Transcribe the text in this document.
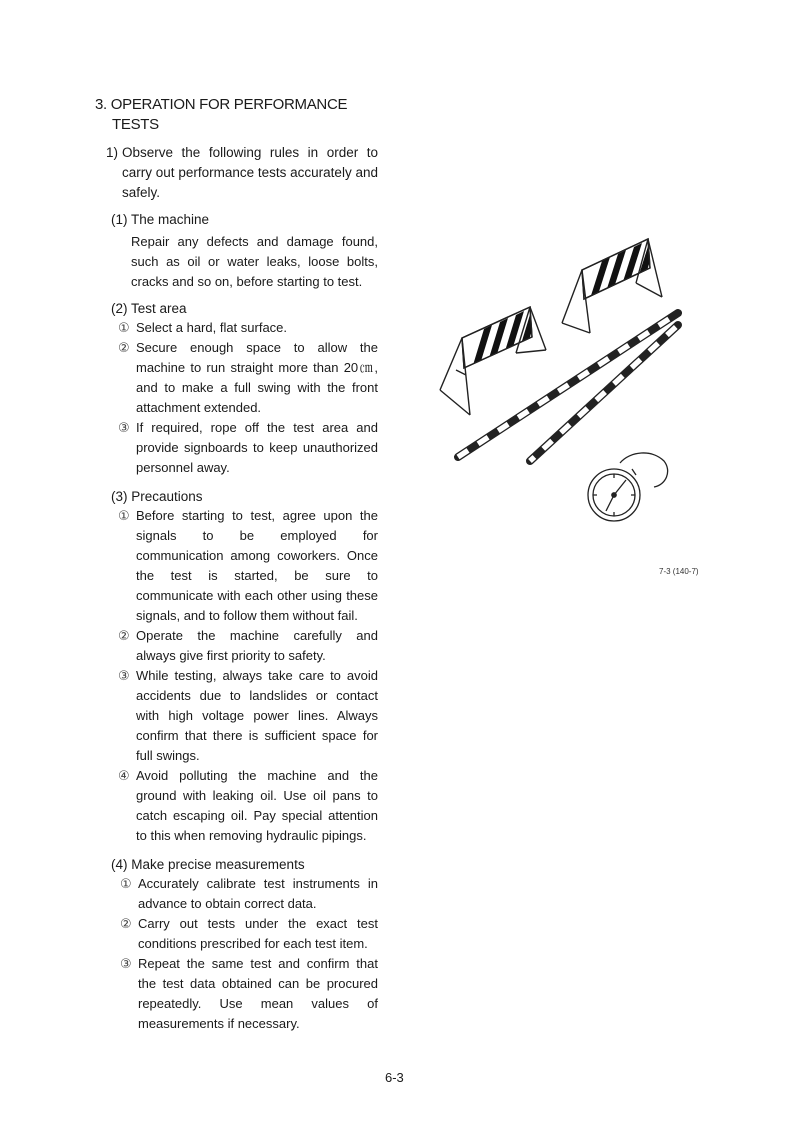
3. OPERATION FOR PERFORMANCE
TESTS
1) Observe the following rules in order to carry out performance tests accurately and safely.
(1) The machine
Repair any defects and damage found, such as oil or water leaks, loose bolts, cracks and so on, before starting to test.
(2) Test area
① Select a hard, flat surface.
② Secure enough space to allow the machine to run straight more than 20㎝, and to make a full swing with the front attachment extended.
③ If required, rope off the test area and provide signboards to keep unauthorized personnel away.
(3) Precautions
① Before starting to test, agree upon the signals to be employed for communication among coworkers. Once the test is started, be sure to communicate with each other using these signals, and to follow them without fail.
② Operate the machine carefully and always give first priority to safety.
③ While testing, always take care to avoid accidents due to landslides or contact with high voltage power lines. Always confirm that there is sufficient space for full swings.
④ Avoid polluting the machine and the ground with leaking oil. Use oil pans to catch escaping oil. Pay special attention to this when removing hydraulic pipings.
(4) Make precise measurements
① Accurately calibrate test instruments in advance to obtain correct data.
② Carry out tests under the exact test conditions prescribed for each test item.
③ Repeat the same test and confirm that the test data obtained can be procured repeatedly. Use mean values of measurements if necessary.
7-3 (140-7)
6-3
